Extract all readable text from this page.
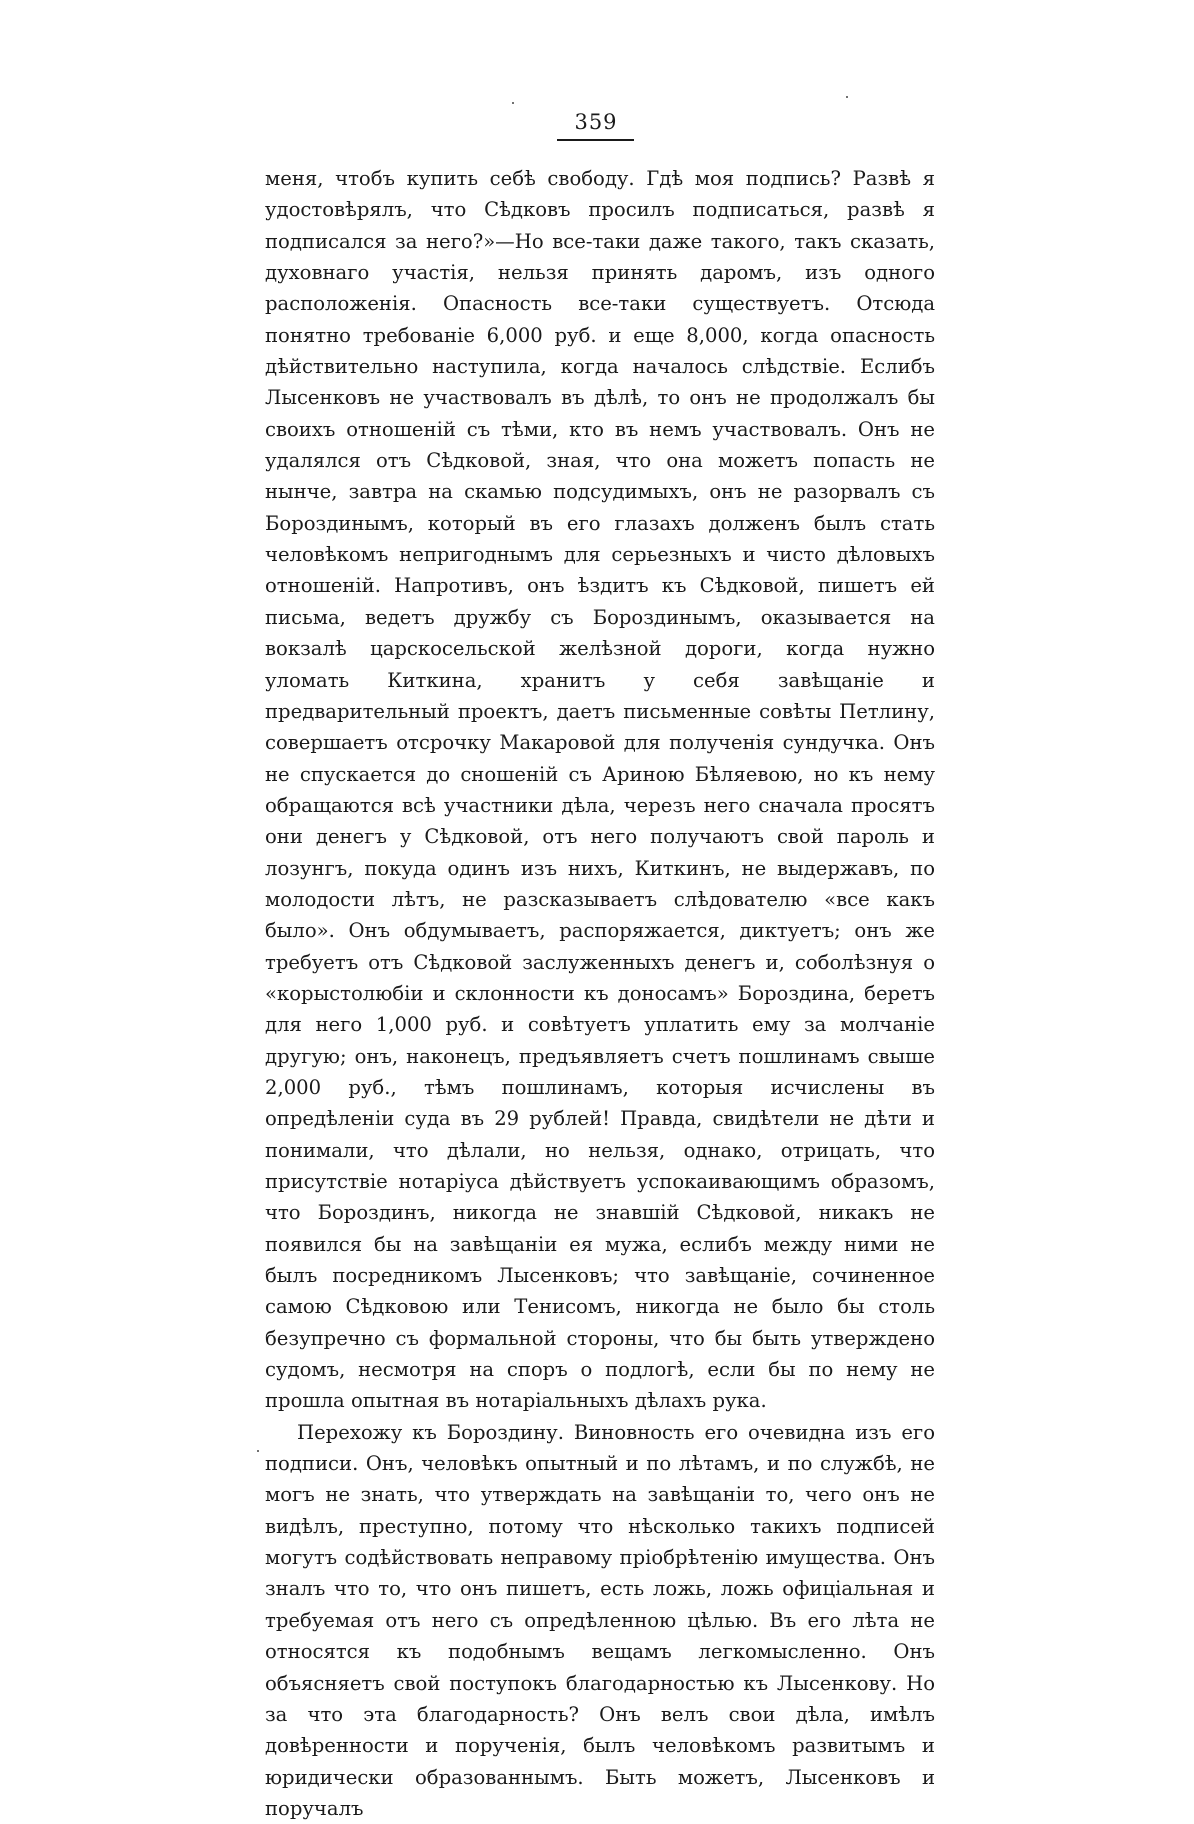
359

меня, чтобъ купить себѣ свободу. Гдѣ моя подпись? Развѣ я удостовѣрялъ, что Сѣдковъ просилъ подписаться, развѣ я подписался за него?»—Но все-таки даже такого, такъ сказать, духовнаго участія, нельзя принять даромъ, изъ одного расположенія. Опасность все-таки существуетъ. Отсюда понятно требованіе 6,000 руб. и еще 8,000, когда опасность дѣйствительно наступила, когда началось слѣдствіе. Еслибъ Лысенковъ не участвовалъ въ дѣлѣ, то онъ не продолжалъ бы своихъ отношеній съ тѣми, кто въ немъ участвовалъ. Онъ не удалялся отъ Сѣдковой, зная, что она можетъ попасть не нынче, завтра на скамью подсудимыхъ, онъ не разорвалъ съ Бороздинымъ, который въ его глазахъ долженъ былъ стать человѣкомъ непригоднымъ для серьезныхъ и чисто дѣловыхъ отношеній. Напротивъ, онъ ѣздитъ къ Сѣдковой, пишетъ ей письма, ведетъ дружбу съ Бороздинымъ, оказывается на вокзалѣ царскосельской желѣзной дороги, когда нужно уломать Киткина, хранитъ у себя завѣщаніе и предварительный проектъ, даетъ письменные совѣты Петлину, совершаетъ отсрочку Макаровой для полученія сундучка. Онъ не спускается до сношеній съ Ариною Бѣляевою, но къ нему обращаются всѣ участники дѣла, черезъ него сначала просятъ они денегъ у Сѣдковой, отъ него получаютъ свой пароль и лозунгъ, покуда одинъ изъ нихъ, Киткинъ, не выдержавъ, по молодости лѣтъ, не разсказываетъ слѣдователю «все какъ было». Онъ обдумываетъ, распоряжается, диктуетъ; онъ же требуетъ отъ Сѣдковой заслуженныхъ денегъ и, соболѣзнуя о «корыстолюбіи и склонности къ доносамъ» Бороздина, беретъ для него 1,000 руб. и совѣтуетъ уплатить ему за молчаніе другую; онъ, наконецъ, предъявляетъ счетъ пошлинамъ свыше 2,000 руб., тѣмъ пошлинамъ, которыя исчислены въ опредѣленіи суда въ 29 рублей! Правда, свидѣтели не дѣти и понимали, что дѣлали, но нельзя, однако, отрицать, что присутствіе нотаріуса дѣйствуетъ успокаивающимъ образомъ, что Бороздинъ, никогда не знавшій Сѣдковой, никакъ не появился бы на завѣщаніи ея мужа, еслибъ между ними не былъ посредникомъ Лысенковъ; что завѣщаніе, сочиненное самою Сѣдковою или Тенисомъ, никогда не было бы столь безупречно съ формальной стороны, что бы быть утверждено судомъ, несмотря на споръ о подлогѣ, если бы по нему не прошла опытная въ нотаріальныхъ дѣлахъ рука.

Перехожу къ Бороздину. Виновность его очевидна изъ его подписи. Онъ, человѣкъ опытный и по лѣтамъ, и по службѣ, не могъ не знать, что утверждать на завѣщаніи то, чего онъ не видѣлъ, преступно, потому что нѣсколько такихъ подписей могутъ содѣйствовать неправому пріобрѣтенію имущества. Онъ зналъ что то, что онъ пишетъ, есть ложь, ложь офиціальная и требуемая отъ него съ опредѣленною цѣлью. Въ его лѣта не относятся къ подобнымъ вещамъ легкомысленно. Онъ объясняетъ свой поступокъ благодарностью къ Лысенкову. Но за что эта благодарность? Онъ велъ свои дѣла, имѣлъ довѣренности и порученія, былъ человѣкомъ развитымъ и юридически образованнымъ. Быть можетъ, Лысенковъ и поручалъ
